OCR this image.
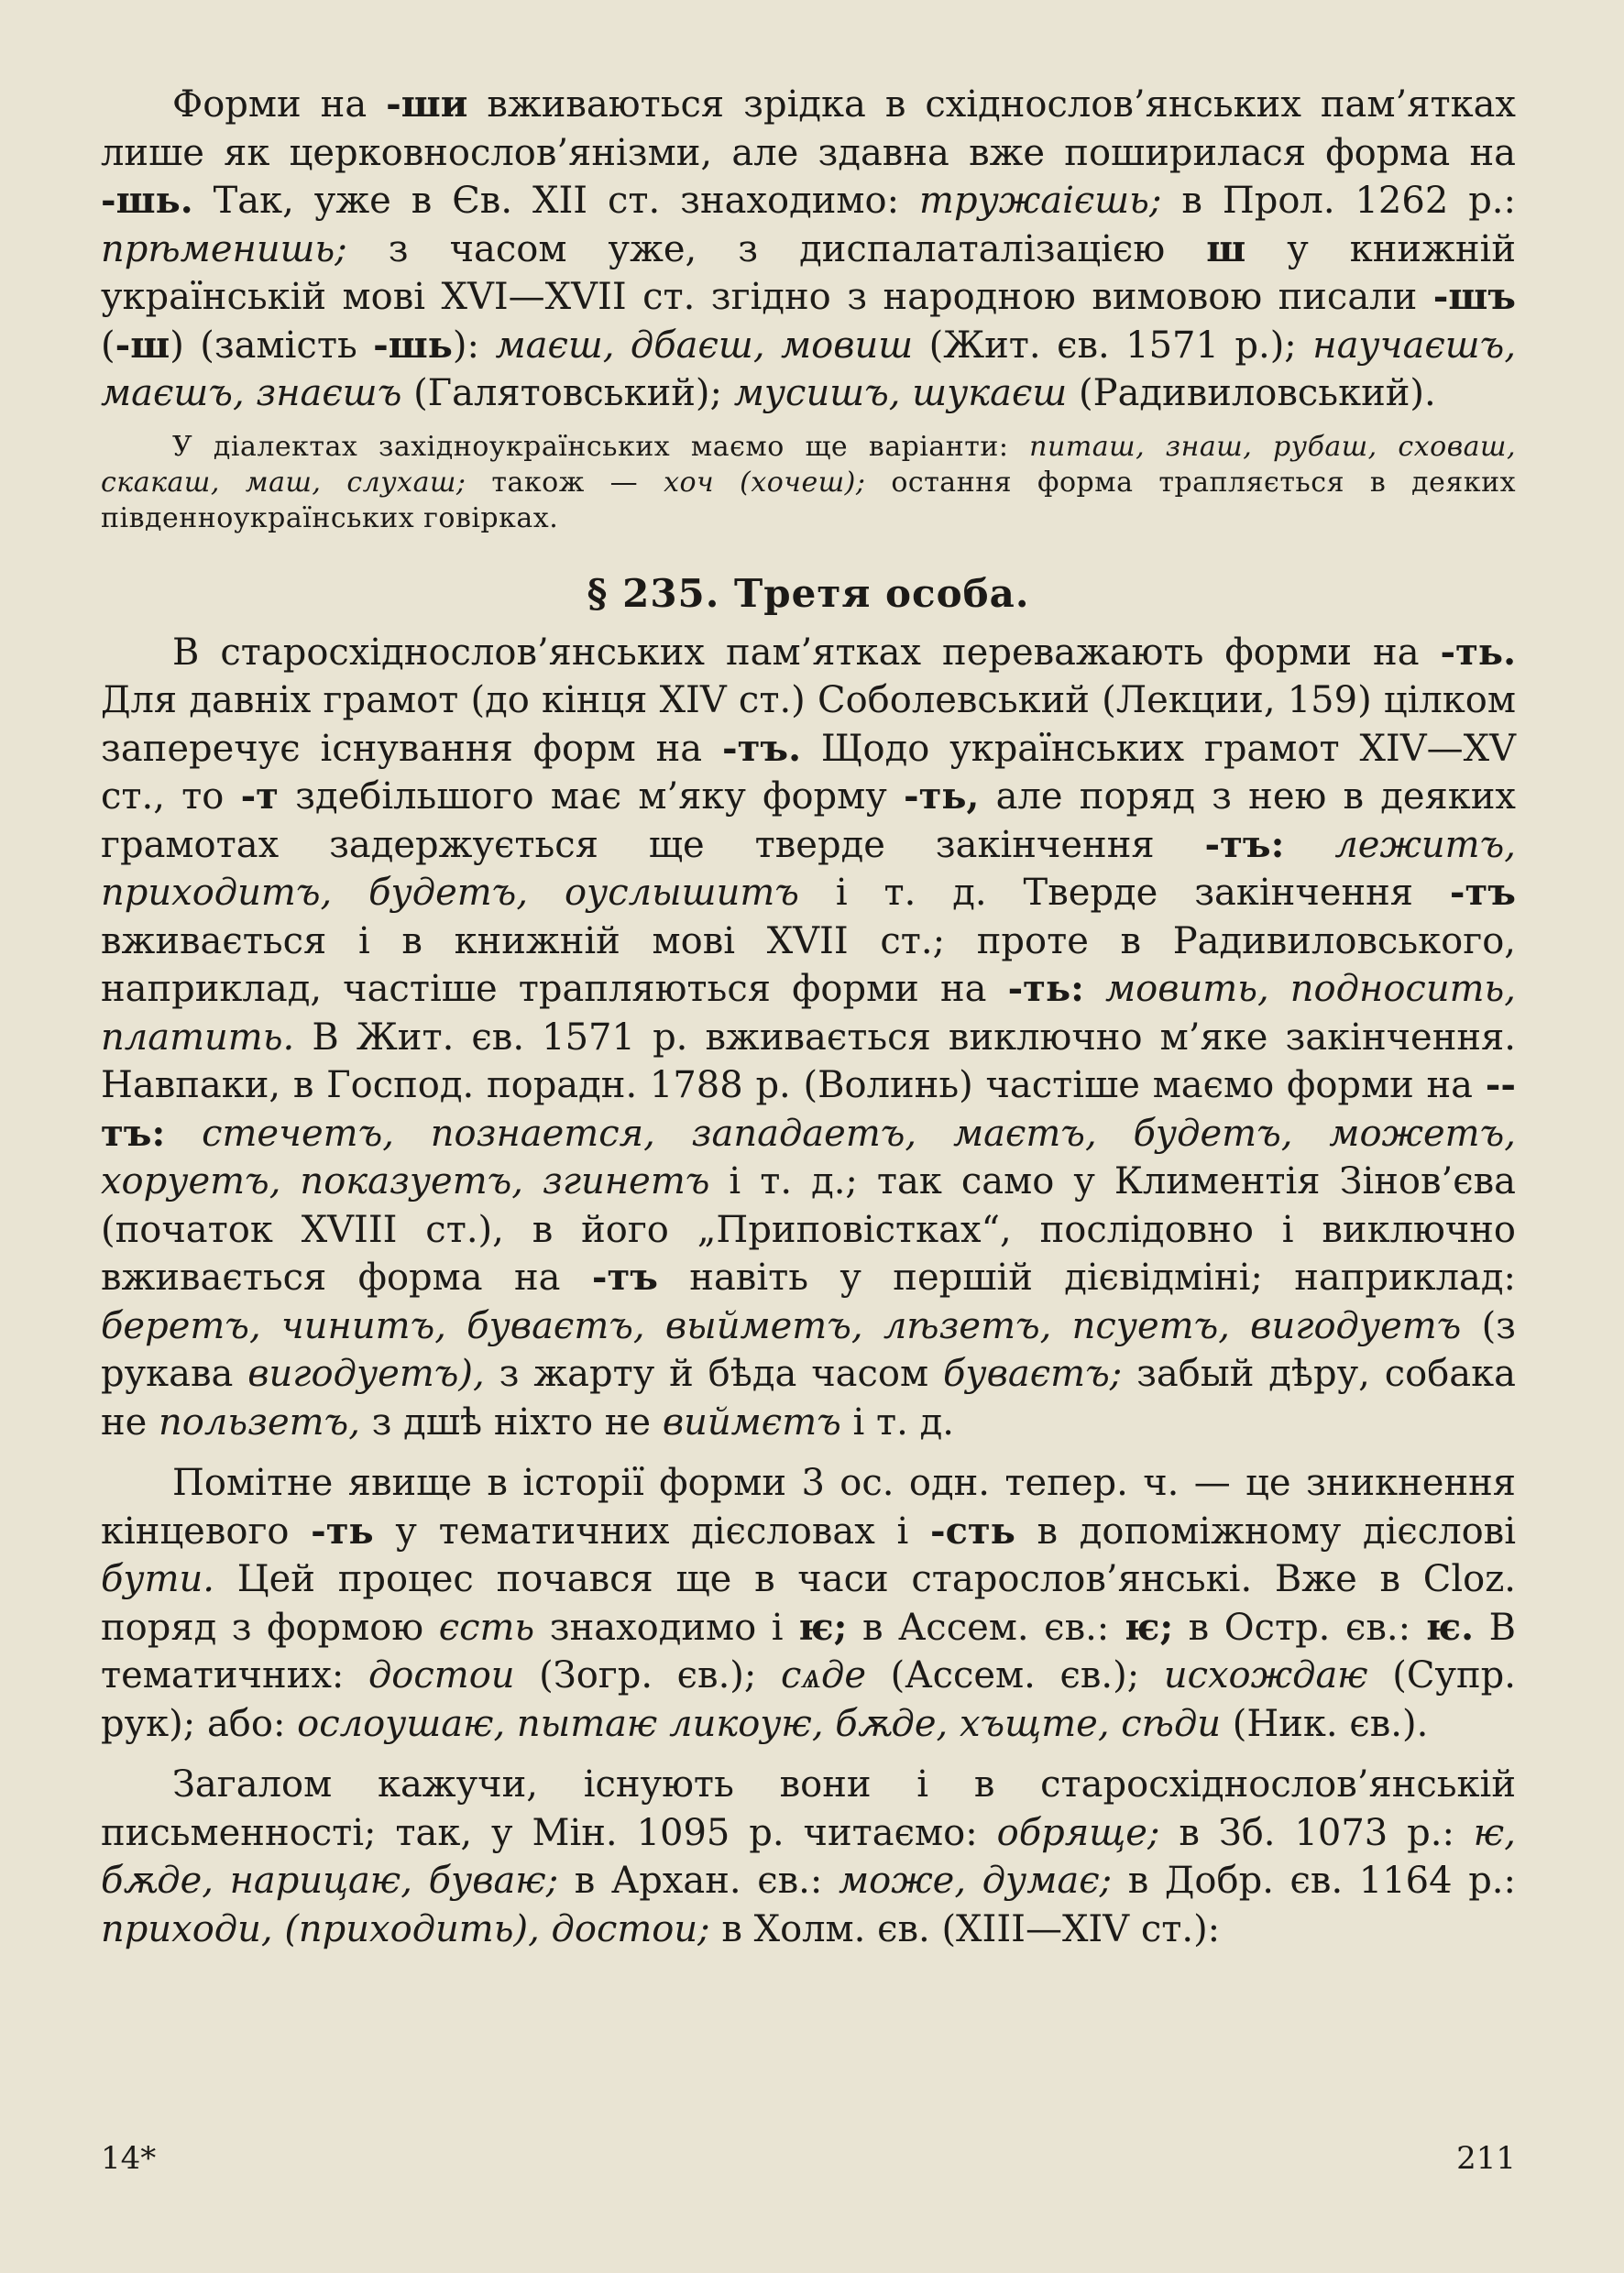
Форми на -ши вживаються зрідка в східнослов’янських пам’ятках лише як церковнослов’янізми, але здавна вже поширилася форма на -шь. Так, уже в Єв. XII ст. знаходимо: тружаієшь; в Прол. 1262 р.: прѣменишь; з часом уже, з диспалаталізацією ш у книжній українській мові XVI—XVII ст. згідно з народною вимовою писали -шъ (-ш) (замість -шь): маєш, дбаєш, мовиш (Жит. єв. 1571 р.); научаєшъ, маєшъ, знаєшъ (Галятовський); мусишъ, шукаєш (Радивиловський).

У діалектах західноукраїнських маємо ще варіанти: питаш, знаш, рубаш, сховаш, скакаш, маш, слухаш; також — хоч (хочеш); остання форма трапляється в деяких південноукраїнських говірках.

§ 235. Третя особа.

В старосхіднослов’янських пам’ятках переважають форми на -ть. Для давніх грамот (до кінця XIV ст.) Соболевський (Лекции, 159) цілком заперечує існування форм на -тъ. Щодо українських грамот XIV—XV ст., то -т здебільшого має м’яку форму -ть, але поряд з нею в деяких грамотах задержується ще тверде закінчення -тъ: лежитъ, приходитъ, будетъ, оуслышитъ і т. д. Тверде закінчення -тъ вживається і в книжній мові XVII ст.; проте в Радивиловського, наприклад, частіше трапляються форми на -ть: мовить, подносить, платить. В Жит. єв. 1571 р. вживається виключно м’яке закінчення. Навпаки, в Господ. порадн. 1788 р. (Волинь) частіше маємо форми на --тъ: стечетъ, познается, западаетъ, маєтъ, будетъ, можетъ, хоруетъ, показуетъ, згинетъ і т. д.; так само у Климентія Зінов’єва (початок XVIII ст.), в його „Приповістках“, послідовно і виключно вживається форма на -тъ навіть у першій дієвідміні; наприклад: беретъ, чинитъ, буваєтъ, выйметъ, лѣзетъ, псуетъ, вигодуетъ (з рукава вигодуетъ), з жарту й бѣда часом буваєтъ; забый дѣру, собака не пользетъ, з дшѣ ніхто не виймєтъ і т. д.

Помітне явище в історії форми 3 ос. одн. тепер. ч. — це зникнення кінцевого -ть у тематичних дієсловах і -сть в допоміжному дієслові бути. Цей процес почався ще в часи старослов’янські. Вже в Cloz. поряд з формою єсть знаходимо і ѥ; в Ассем. єв.: ѥ; в Остр. єв.: ѥ. В тематичних: достои (Зогр. єв.); сѧде (Ассем. єв.); исхождаѥ (Супр. рук); або: ослоушаѥ, пытаѥ ликоуѥ, бѫде, хъщте, сѣди (Ник. єв.).

Загалом кажучи, існують вони і в старосхіднослов’янській письменності; так, у Мін. 1095 р. читаємо: обряще; в Зб. 1073 р.: ѥ, бѫде, нарицаѥ, буваѥ; в Архан. єв.: може, думає; в Добр. єв. 1164 р.: приходи, (приходить), достои; в Холм. єв. (XIII—XIV ст.):

14*	211
